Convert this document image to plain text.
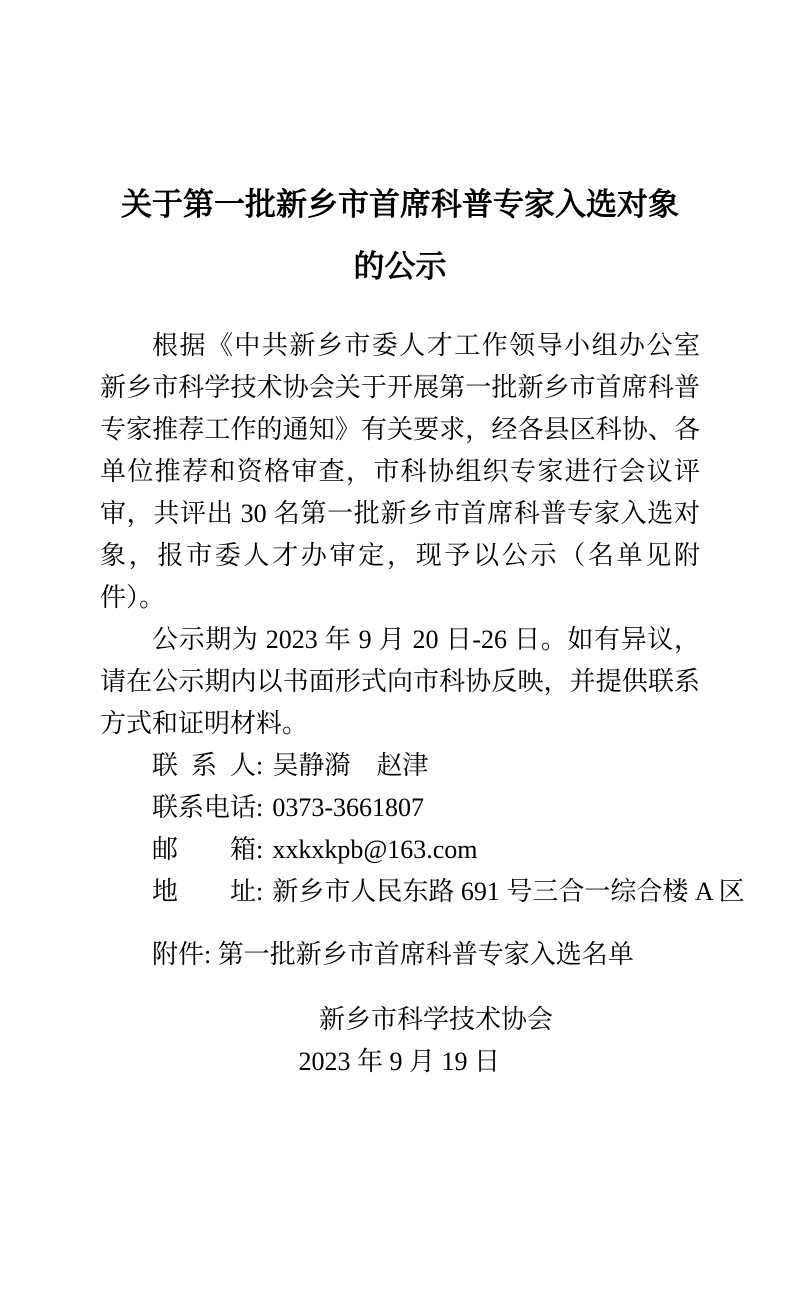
关于第一批新乡市首席科普专家入选对象
的公示

根据《中共新乡市委人才工作领导小组办公室　新乡市科学技术协会关于开展第一批新乡市首席科普专家推荐工作的通知》有关要求，经各县区科协、各单位推荐和资格审查，市科协组织专家进行会议评审，共评出 30 名第一批新乡市首席科普专家入选对象，报市委人才办审定，现予以公示（名单见附件）。

公示期为 2023 年 9 月 20 日-26 日。如有异议，请在公示期内以书面形式向市科协反映，并提供联系方式和证明材料。

联系人: 吴静漪　赵津
联系电话: 0373-3661807
邮箱: xxkxkpb@163.com
地址: 新乡市人民东路 691 号三合一综合楼 A 区
附件: 第一批新乡市首席科普专家入选名单
新乡市科学技术协会
2023 年 9 月 19 日
